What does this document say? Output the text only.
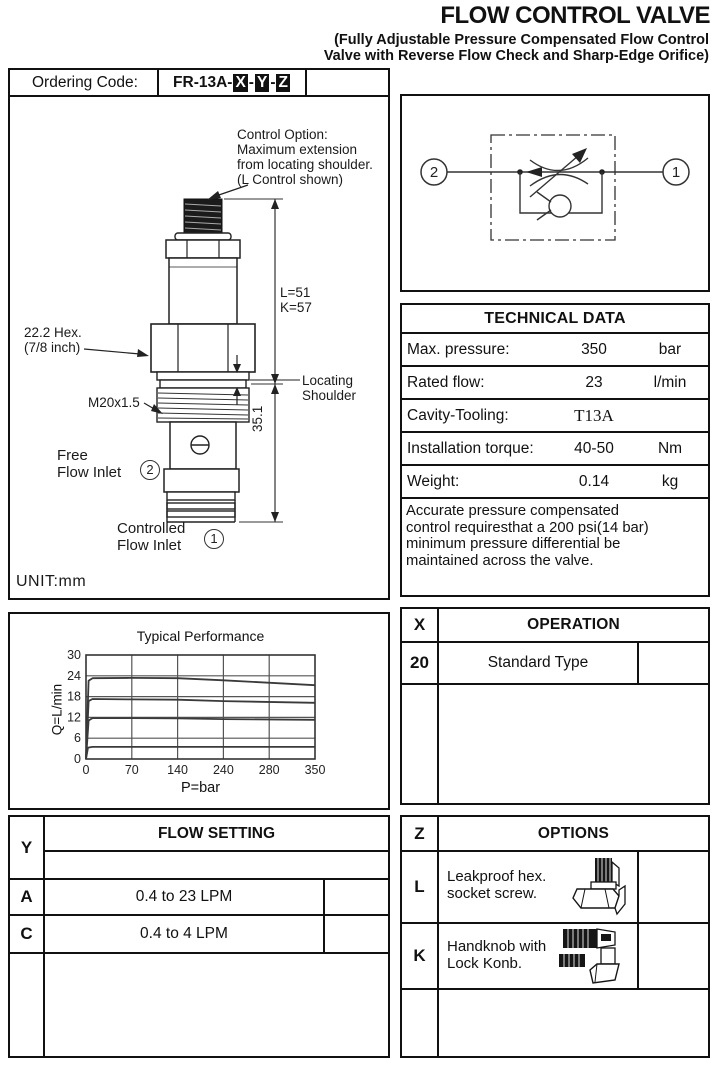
FLOW CONTROL VALVE
(Fully Adjustable Pressure Compensated Flow Control
Valve with Reverse Flow Check and Sharp-Edge Orifice)
Ordering Code:	FR-13A- X - Y - Z
Control Option:
Maximum extension
from locating shoulder.
(L Control shown)
L=51
K=57
22.2 Hex.
(7/8 inch)
M20x1.5
Locating
Shoulder
35.1
Free
Flow Inlet	2
Controlled
Flow Inlet	1
UNIT:mm
2	1
TECHNICAL DATA
Max. pressure:	350	bar
Rated flow:	23	l/min
Cavity-Tooling:	T13A
Installation torque:	40-50	Nm
Weight:	0.14	kg
Accurate pressure compensated
control requiresthat a 200 psi(14 bar)
minimum pressure differential be
maintained across the valve.
Typical Performance
0
6
12
18
24
30
0	70 140 240 280 350
Q=L/min
P=bar
X	OPERATION
20	Standard Type
Y
FLOW SETTING
A	0.4 to 23 LPM
C	0.4 to 4 LPM
Z	OPTIONS
L
Leakproof hex.
socket screw.
K	Handknob with
Lock Konb.
